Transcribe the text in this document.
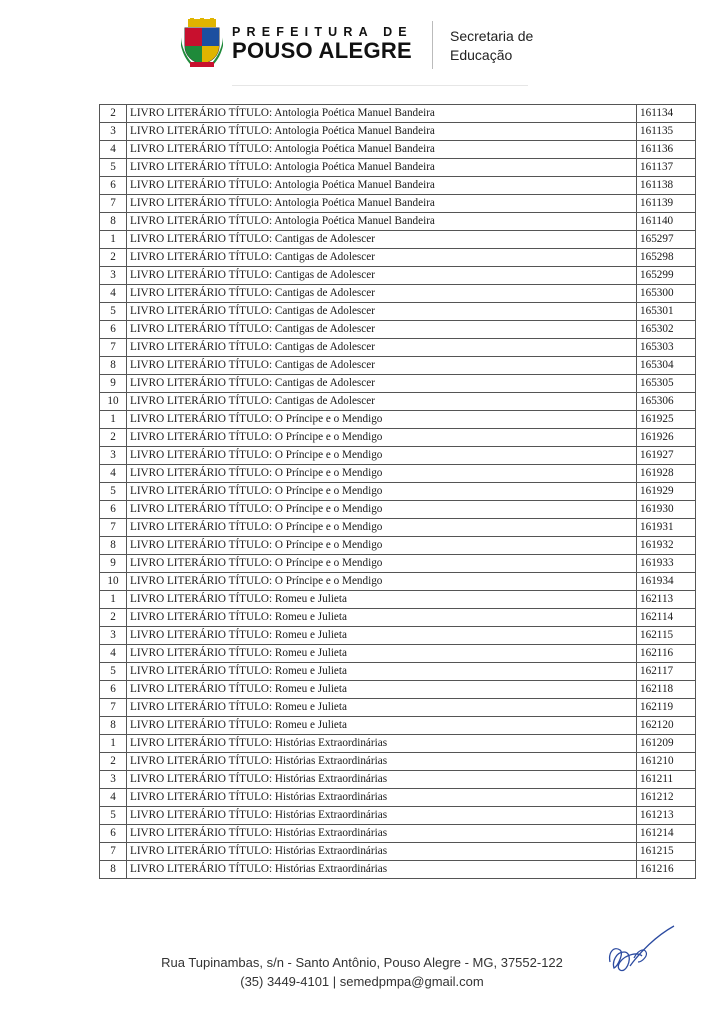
PREFEITURA DE
POUSO ALEGRE
Secretaria de
Educação
2	LIVRO LITERÁRIO TÍTULO: Antologia Poética Manuel Bandeira	161134
3	LIVRO LITERÁRIO TÍTULO: Antologia Poética Manuel Bandeira	161135
4	LIVRO LITERÁRIO TÍTULO: Antologia Poética Manuel Bandeira	161136
5	LIVRO LITERÁRIO TÍTULO: Antologia Poética Manuel Bandeira	161137
6	LIVRO LITERÁRIO TÍTULO: Antologia Poética Manuel Bandeira	161138
7	LIVRO LITERÁRIO TÍTULO: Antologia Poética Manuel Bandeira	161139
8	LIVRO LITERÁRIO TÍTULO: Antologia Poética Manuel Bandeira	161140
1	LIVRO LITERÁRIO TÍTULO: Cantigas de Adolescer	165297
2	LIVRO LITERÁRIO TÍTULO: Cantigas de Adolescer	165298
3	LIVRO LITERÁRIO TÍTULO: Cantigas de Adolescer	165299
4	LIVRO LITERÁRIO TÍTULO: Cantigas de Adolescer	165300
5	LIVRO LITERÁRIO TÍTULO: Cantigas de Adolescer	165301
6	LIVRO LITERÁRIO TÍTULO: Cantigas de Adolescer	165302
7	LIVRO LITERÁRIO TÍTULO: Cantigas de Adolescer	165303
8	LIVRO LITERÁRIO TÍTULO: Cantigas de Adolescer	165304
9	LIVRO LITERÁRIO TÍTULO: Cantigas de Adolescer	165305
10	LIVRO LITERÁRIO TÍTULO: Cantigas de Adolescer	165306
1	LIVRO LITERÁRIO TÍTULO: O Príncipe e o Mendigo	161925
2	LIVRO LITERÁRIO TÍTULO: O Príncipe e o Mendigo	161926
3	LIVRO LITERÁRIO TÍTULO: O Príncipe e o Mendigo	161927
4	LIVRO LITERÁRIO TÍTULO: O Príncipe e o Mendigo	161928
5	LIVRO LITERÁRIO TÍTULO: O Príncipe e o Mendigo	161929
6	LIVRO LITERÁRIO TÍTULO: O Príncipe e o Mendigo	161930
7	LIVRO LITERÁRIO TÍTULO: O Príncipe e o Mendigo	161931
8	LIVRO LITERÁRIO TÍTULO: O Príncipe e o Mendigo	161932
9	LIVRO LITERÁRIO TÍTULO: O Príncipe e o Mendigo	161933
10	LIVRO LITERÁRIO TÍTULO: O Príncipe e o Mendigo	161934
1	LIVRO LITERÁRIO TÍTULO: Romeu e Julieta	162113
2	LIVRO LITERÁRIO TÍTULO: Romeu e Julieta	162114
3	LIVRO LITERÁRIO TÍTULO: Romeu e Julieta	162115
4	LIVRO LITERÁRIO TÍTULO: Romeu e Julieta	162116
5	LIVRO LITERÁRIO TÍTULO: Romeu e Julieta	162117
6	LIVRO LITERÁRIO TÍTULO: Romeu e Julieta	162118
7	LIVRO LITERÁRIO TÍTULO: Romeu e Julieta	162119
8	LIVRO LITERÁRIO TÍTULO: Romeu e Julieta	162120
1	LIVRO LITERÁRIO TÍTULO: Histórias Extraordinárias	161209
2	LIVRO LITERÁRIO TÍTULO: Histórias Extraordinárias	161210
3	LIVRO LITERÁRIO TÍTULO: Histórias Extraordinárias	161211
4	LIVRO LITERÁRIO TÍTULO: Histórias Extraordinárias	161212
5	LIVRO LITERÁRIO TÍTULO: Histórias Extraordinárias	161213
6	LIVRO LITERÁRIO TÍTULO: Histórias Extraordinárias	161214
7	LIVRO LITERÁRIO TÍTULO: Histórias Extraordinárias	161215
8	LIVRO LITERÁRIO TÍTULO: Histórias Extraordinárias	161216
Rua Tupinambas, s/n - Santo Antônio, Pouso Alegre - MG, 37552-122
(35) 3449-4101 | semedpmpa@gmail.com
